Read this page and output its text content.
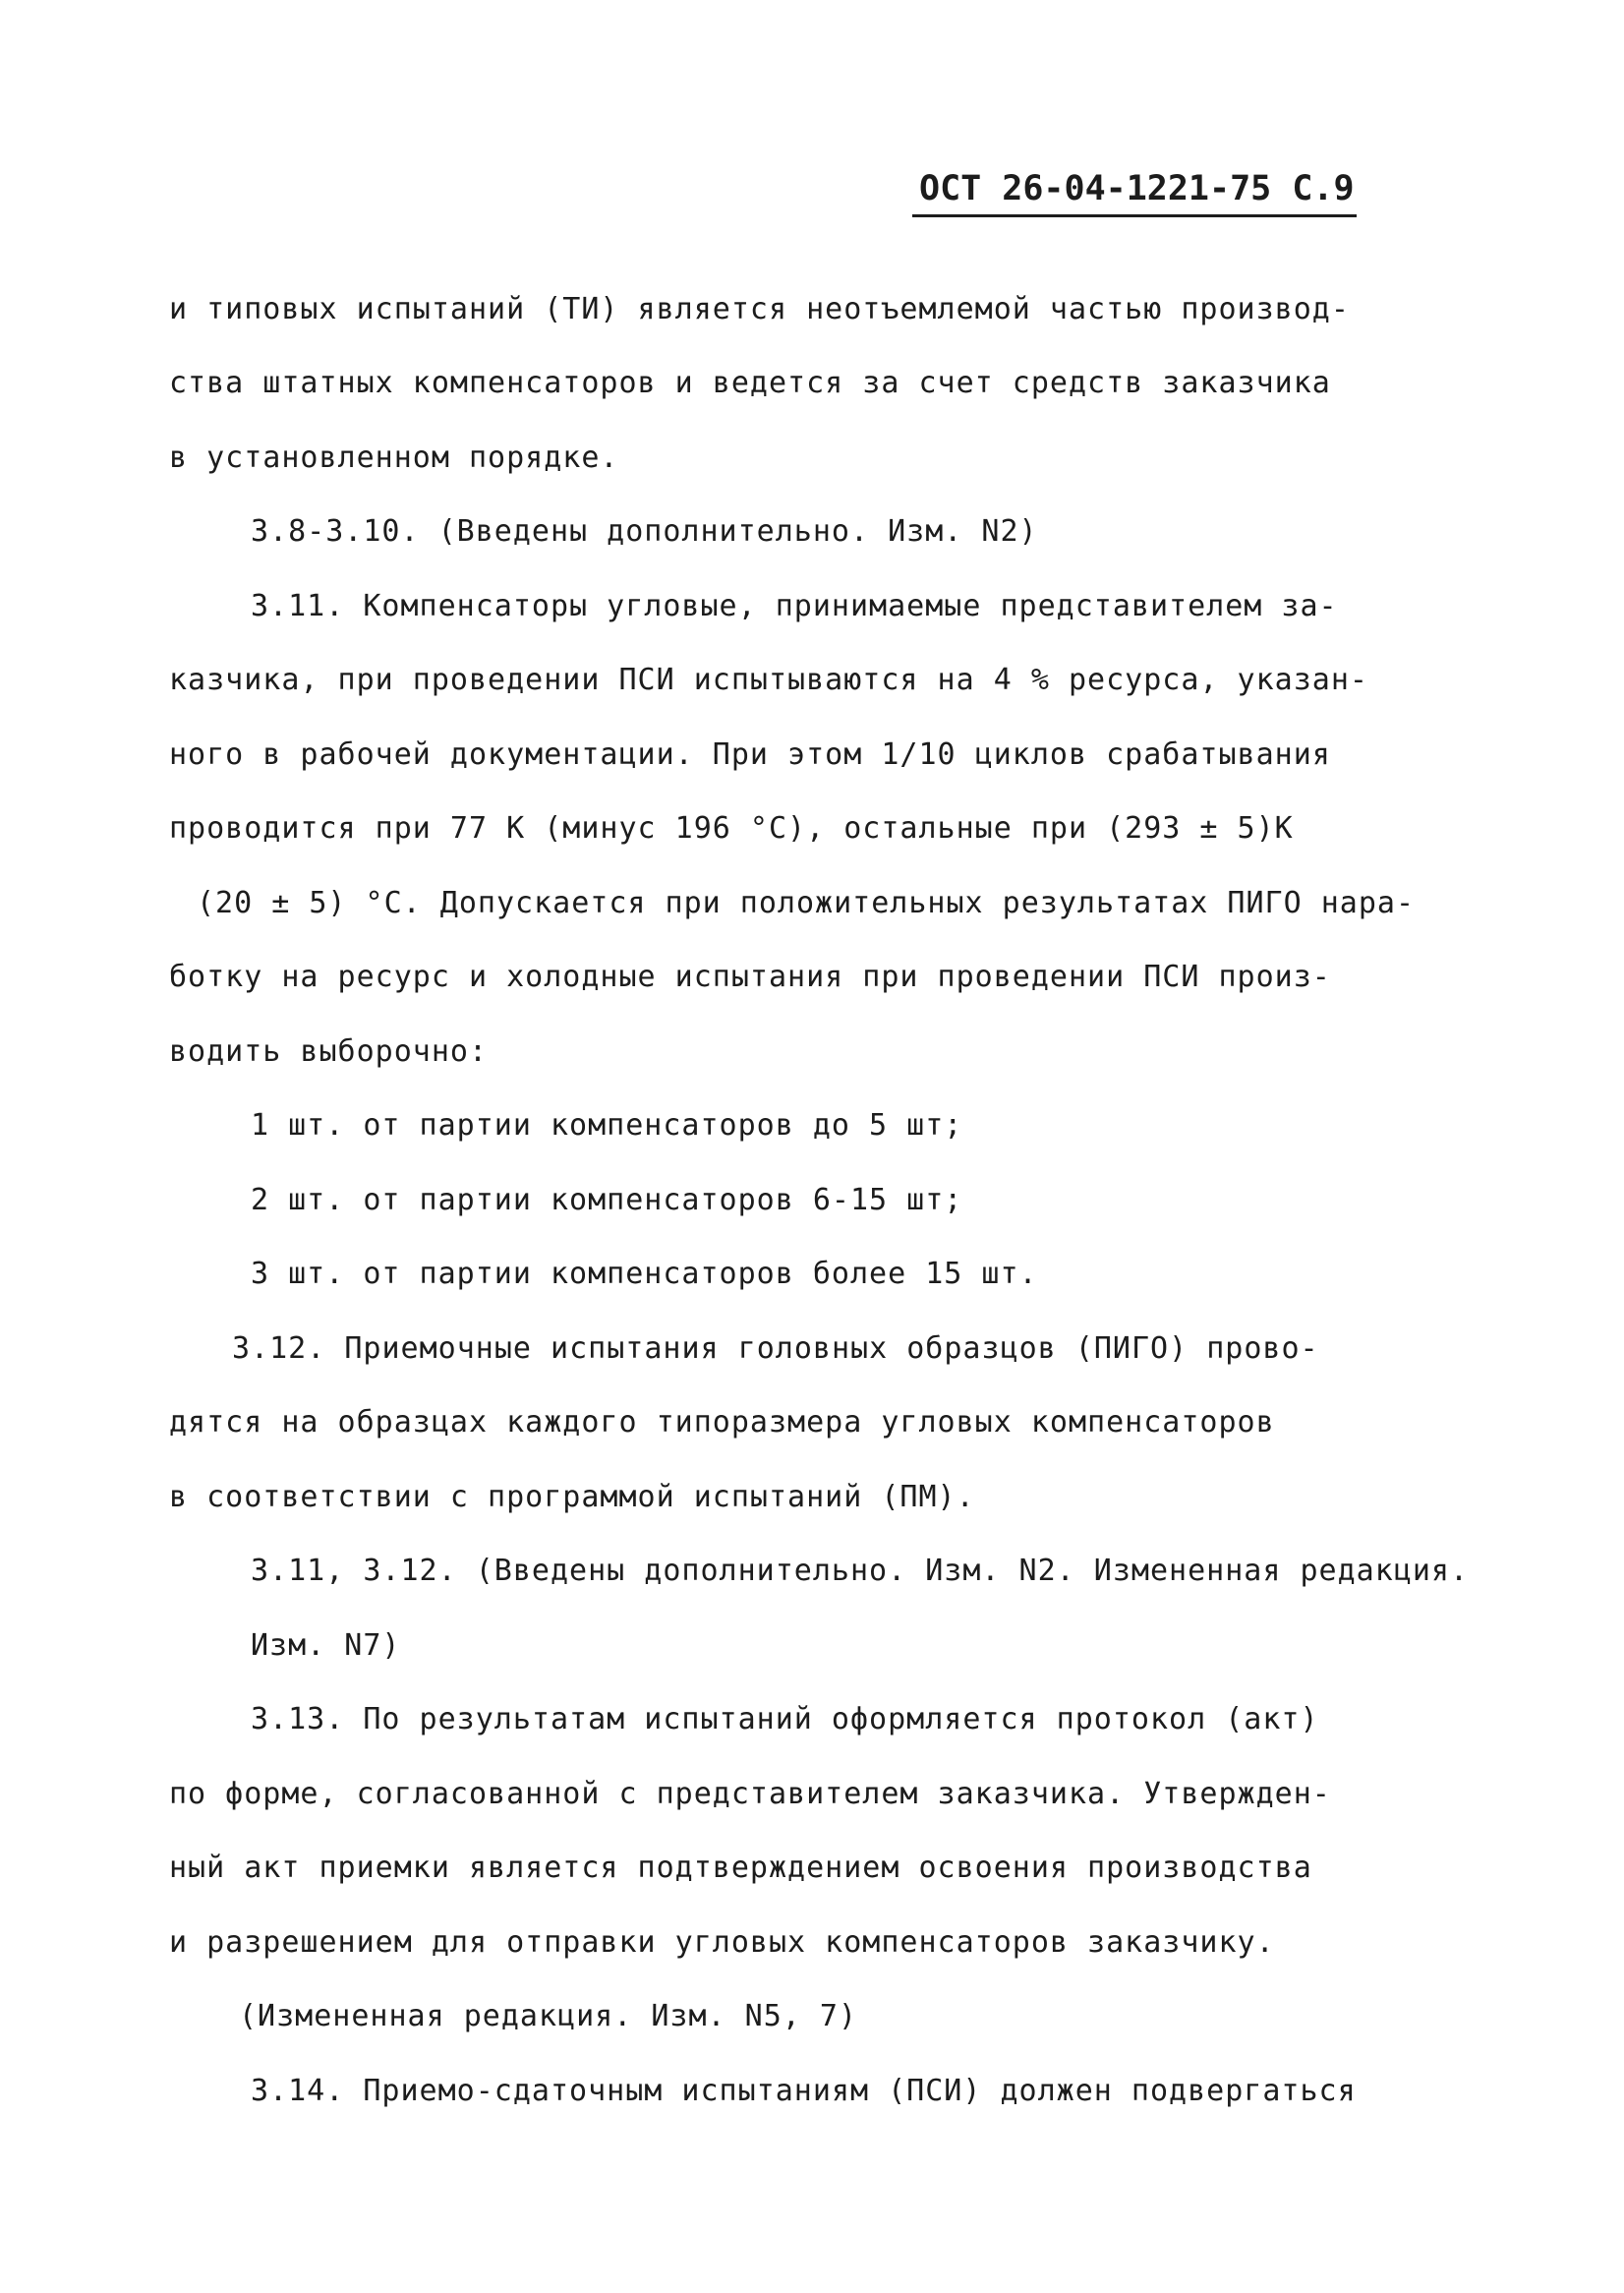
ОСТ 26-04-1221-75 С.9
и типовых испытаний (ТИ) является неотъемлемой частью производ-
ства штатных компенсаторов и ведется за счет средств заказчика
в установленном порядке.
3.8-3.10. (Введены дополнительно. Изм. N2)
3.11. Компенсаторы угловые, принимаемые представителем за-
казчика, при проведении ПСИ испытываются на 4 % ресурса, указан-
ного в рабочей документации. При этом 1/10 циклов срабатывания
проводится при 77 К (минус 196 °С), остальные при (293 ± 5)К
(20 ± 5) °С. Допускается при положительных результатах ПИГО нара-
ботку на ресурс и холодные испытания при проведении ПСИ произ-
водить выборочно:
1 шт. от партии компенсаторов до 5 шт;
2 шт. от партии компенсаторов 6-15 шт;
3 шт. от партии компенсаторов более 15 шт.
3.12. Приемочные испытания головных образцов (ПИГО) прово-
дятся на образцах каждого типоразмера угловых компенсаторов
в соответствии с программой испытаний (ПМ).
3.11, 3.12. (Введены дополнительно. Изм. N2. Измененная редакция.
Изм. N7)
3.13. По результатам испытаний оформляется протокол (акт)
по форме, согласованной с представителем заказчика. Утвержден-
ный акт приемки является подтверждением освоения производства
и разрешением для отправки угловых компенсаторов заказчику.
(Измененная редакция. Изм. N5, 7)
3.14. Приемо-сдаточным испытаниям (ПСИ) должен подвергаться
